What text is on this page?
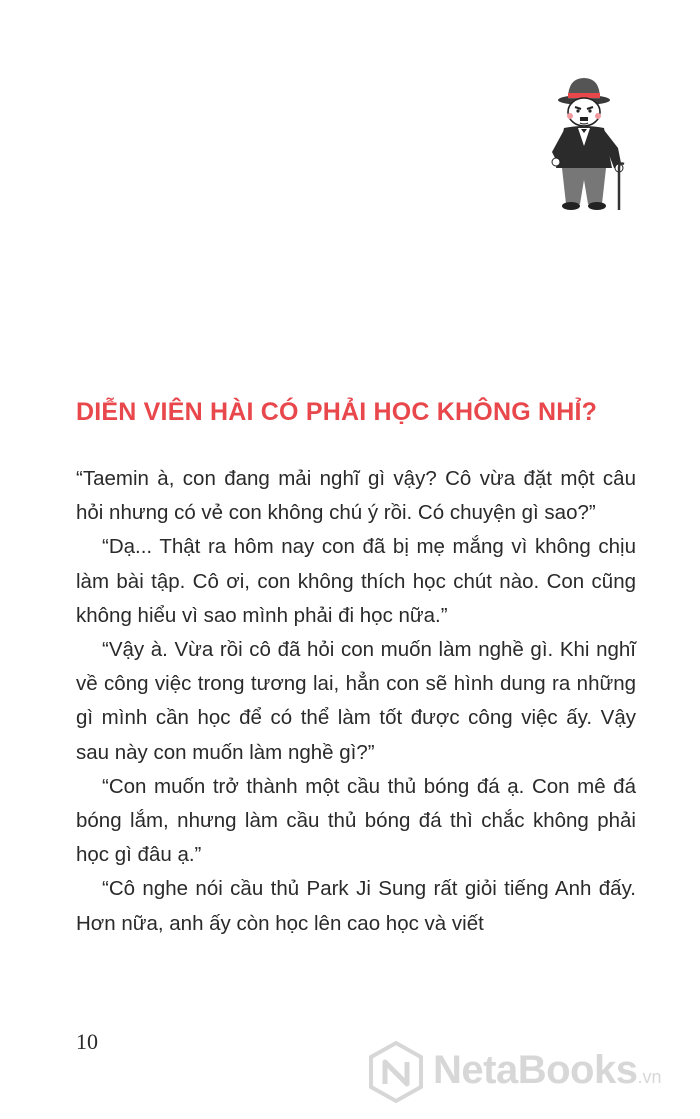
DIỄN VIÊN HÀI CÓ PHẢI HỌC KHÔNG NHỈ?

“Taemin à, con đang mải nghĩ gì vậy? Cô vừa đặt một câu hỏi nhưng có vẻ con không chú ý rồi. Có chuyện gì sao?”

“Dạ... Thật ra hôm nay con đã bị mẹ mắng vì không chịu làm bài tập. Cô ơi, con không thích học chút nào. Con cũng không hiểu vì sao mình phải đi học nữa.”

“Vậy à. Vừa rồi cô đã hỏi con muốn làm nghề gì. Khi nghĩ về công việc trong tương lai, hẳn con sẽ hình dung ra những gì mình cần học để có thể làm tốt được công việc ấy. Vậy sau này con muốn làm nghề gì?”

“Con muốn trở thành một cầu thủ bóng đá ạ. Con mê đá bóng lắm, nhưng làm cầu thủ bóng đá thì chắc không phải học gì đâu ạ.”

“Cô nghe nói cầu thủ Park Ji Sung rất giỏi tiếng Anh đấy. Hơn nữa, anh ấy còn học lên cao học và viết

10
NetaBooks.vn
